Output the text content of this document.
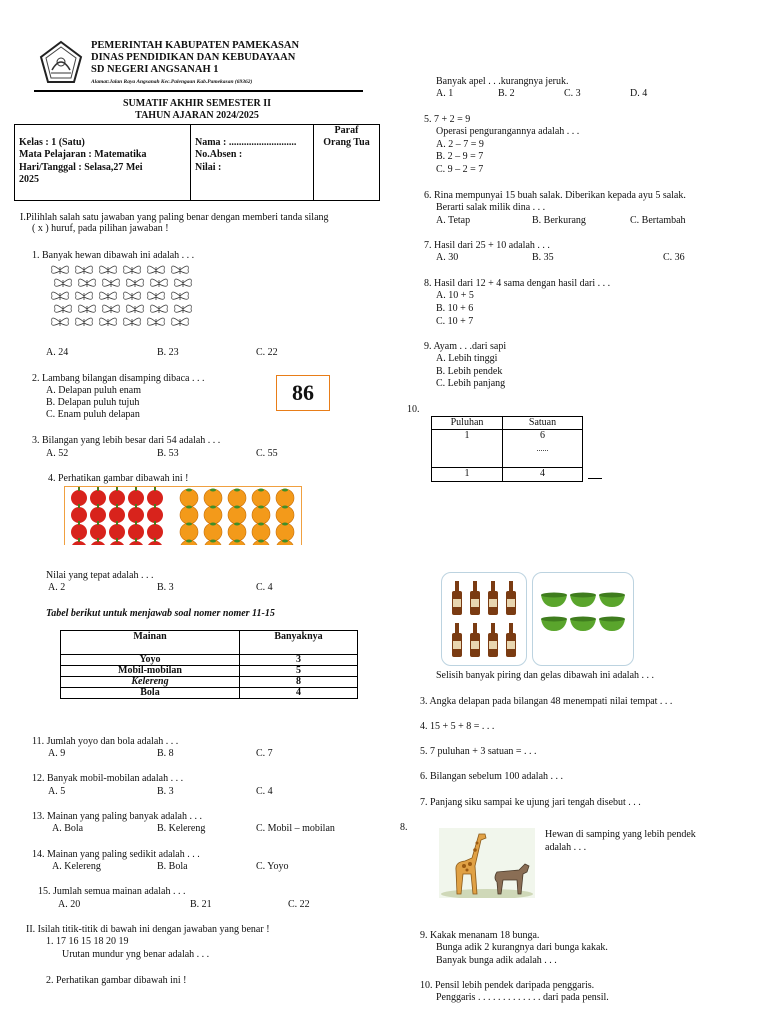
PEMERINTAH KABUPATEN PAMEKASAN
DINAS PENDIDIKAN DAN KEBUDAYAAN
SD NEGERI ANGSANAH 1
Alamat:Jalan Raya Angsanah Kec.Palengaan Kab.Pamekasan (69362)
SUMATIF AKHIR SEMESTER II
TAHUN AJARAN 2024/2025
Kelas : 1 (Satu)
Mata Pelajaran : Matematika
Hari/Tanggal : Selasa,27 Mei
2025
Nama : ...........................
No.Absen :
Nilai :
Paraf
Orang Tua
I.Pilihlah salah satu jawaban yang paling benar dengan memberi tanda silang
( x ) huruf, pada pilihan jawaban !
1. Banyak hewan dibawah ini adalah . . .
A. 24	B. 23	C. 22
2. Lambang bilangan disamping dibaca . . .
A. Delapan puluh enam
B. Delapan puluh tujuh
C. Enam puluh delapan
86
3. Bilangan yang lebih besar dari 54 adalah . . .
A. 52	B. 53	C. 55
4. Perhatikan gambar dibawah ini !
Nilai yang tepat adalah . . .
A. 2	B. 3	C. 4
Tabel berikut untuk menjawab soal nomer nomer 11-15
Mainan	Banyaknya
Yoyo	3
Mobil-mobilan	5
Kelereng	8
Bola	4
11. Jumlah yoyo dan bola adalah . . .
A. 9	B. 8	C. 7
12. Banyak mobil-mobilan adalah . . .
A. 5	B. 3	C. 4
13. Mainan yang paling banyak adalah . . .
A. Bola	B. Kelereng	C. Mobil – mobilan
14. Mainan yang paling sedikit adalah . . .
A. Kelereng	B. Bola	C. Yoyo
15. Jumlah semua mainan adalah . . .
A. 20	B. 21	C. 22
II. Isilah titik-titik di bawah ini dengan jawaban yang benar !
1. 17 16 15 18 20 19
Urutan mundur yng benar adalah . . .
2. Perhatikan gambar dibawah ini !
Banyak apel . . .kurangnya jeruk.
A. 1	B. 2	C. 3	D. 4
5. 7 + 2 = 9
Operasi pengurangannya adalah . . .
A. 2 – 7 = 9
B. 2 – 9 = 7
C. 9 – 2 = 7
6. Rina mempunyai 15 buah salak. Diberikan kepada ayu 5 salak.
Berarti salak milik dina . . .
A. Tetap	B. Berkurang	C. Bertambah
7. Hasil dari 25 + 10 adalah . . .
A. 30	B. 35	C. 36
8. Hasil dari 12 + 4 sama dengan hasil dari . . .
A. 10 + 5
B. 10 + 6
C. 10 + 7
9. Ayam . . .dari sapi
A. Lebih tinggi
B. Lebih pendek
C. Lebih panjang
10.
Puluhan	Satuan
1	6
......
1	4
Selisih banyak piring dan gelas dibawah ini adalah . . .
3. Angka delapan pada bilangan 48 menempati nilai tempat . . .
4. 15 + 5 + 8 = . . .
5. 7 puluhan + 3 satuan = . . .
6. Bilangan sebelum 100 adalah . . .
7. Panjang siku sampai ke ujung jari tengah disebut . . .
8.
Hewan di samping yang lebih pendek
adalah . . .
9. Kakak menanam 18 bunga.
Bunga adik 2 kurangnya dari bunga kakak.
Banyak bunga adik adalah . . .
10. Pensil lebih pendek daripada penggaris.
Penggaris . . . . . . . . . . . . . dari pada pensil.
